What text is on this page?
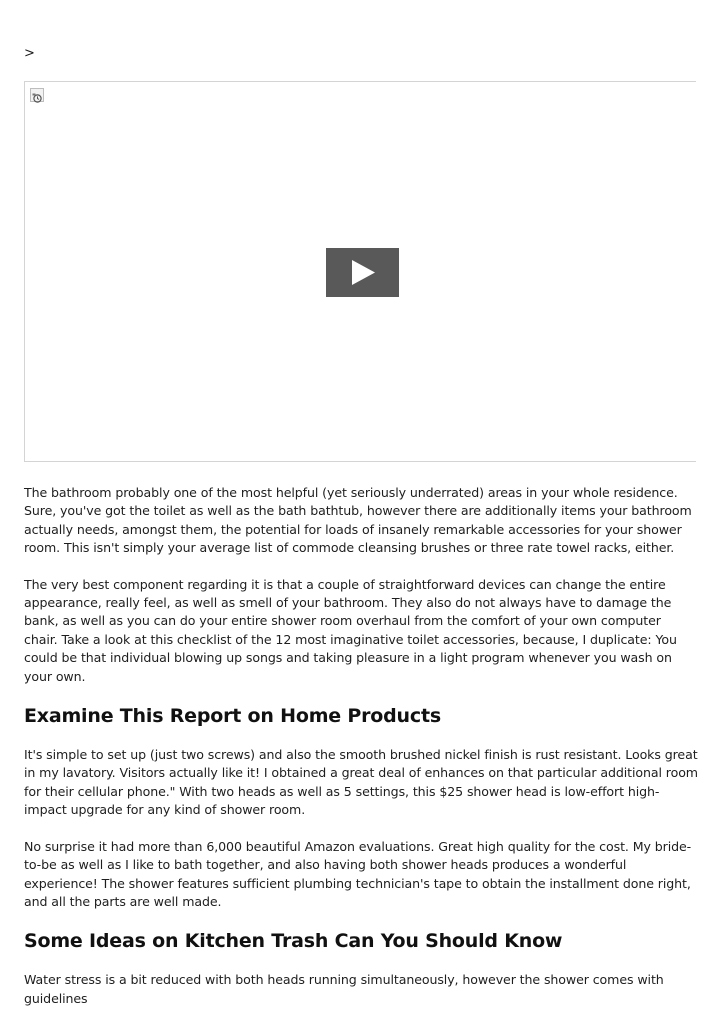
>

The bathroom probably one of the most helpful (yet seriously underrated) areas in your whole residence. Sure, you've got the toilet as well as the bath bathtub, however there are additionally items your bathroom actually needs, amongst them, the potential for loads of insanely remarkable accessories for your shower room. This isn't simply your average list of commode cleansing brushes or three rate towel racks, either.

The very best component regarding it is that a couple of straightforward devices can change the entire appearance, really feel, as well as smell of your bathroom. They also do not always have to damage the bank, as well as you can do your entire shower room overhaul from the comfort of your own computer chair. Take a look at this checklist of the 12 most imaginative toilet accessories, because, I duplicate: You could be that individual blowing up songs and taking pleasure in a light program whenever you wash on your own.

Examine This Report on Home Products

It's simple to set up (just two screws) and also the smooth brushed nickel finish is rust resistant. Looks great in my lavatory. Visitors actually like it! I obtained a great deal of enhances on that particular additional room for their cellular phone." With two heads as well as 5 settings, this $25 shower head is low-effort high-impact upgrade for any kind of shower room.

No surprise it had more than 6,000 beautiful Amazon evaluations. Great high quality for the cost. My bride-to-be as well as I like to bath together, and also having both shower heads produces a wonderful experience! The shower features sufficient plumbing technician's tape to obtain the installment done right, and all the parts are well made.

Some Ideas on Kitchen Trash Can You Should Know

Water stress is a bit reduced with both heads running simultaneously, however the shower comes with guidelines
